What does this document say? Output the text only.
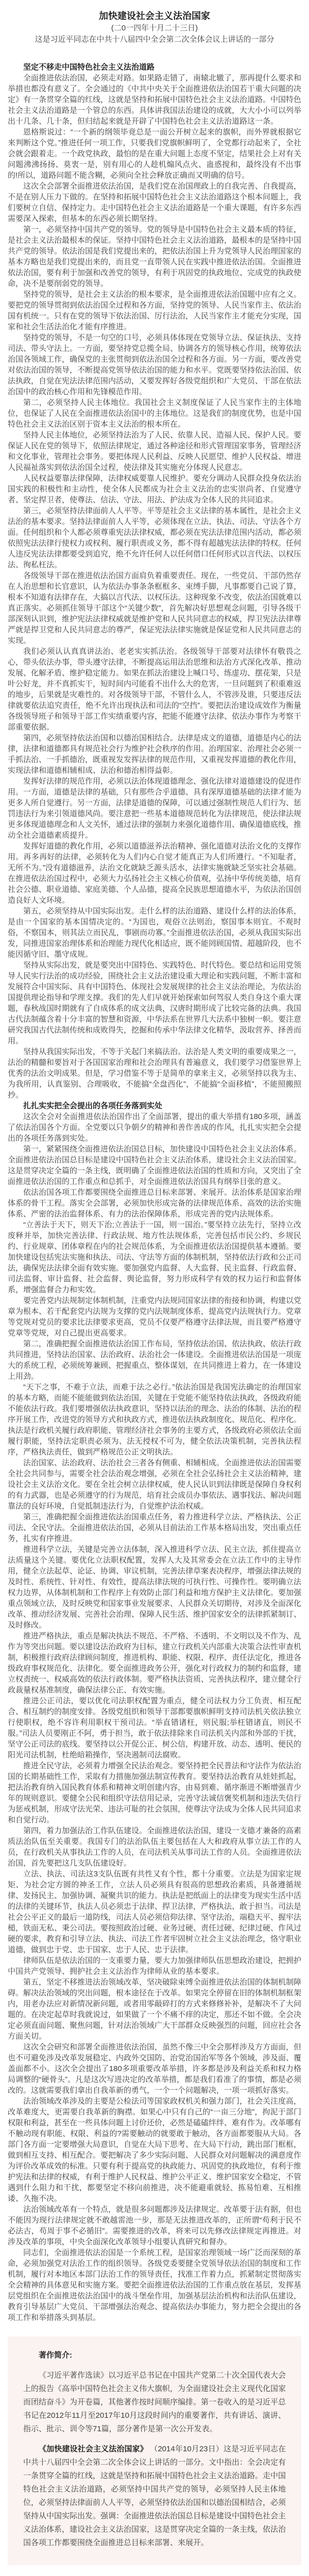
加快建设社会主义法治国家

(二0一四年十月二十三日)

这是习近平同志在中共十八届四中全会第二次全体会议上讲话的一部分

坚定不移走中国特色社会主义法治道路

全面推进依法治国，必须走对路。如果路走错了，南辕北辙了，那再提什么要求和举措也都没有意义了。全会通过的《中共中央关于全面推进依法治国若干重大问题的决定》有一条贯穿全篇的红线，这就是坚持和拓展中国特色社会主义法治道路。中国特色社会主义法治道路是一个管总的东西。具体讲我国法治建设的成就，大大小小可以列举出十几条、几十条，但归结起来就是开辟了中国特色社会主义法治道路这一条。

恩格斯说过：“一个新的纲领毕竟总是一面公开树立起来的旗帜，而外界就根据它来判断这个党。”推进任何一项工作，只要我们党旗帜鲜明了，全党都行动起来了，全社会就会跟着走。一个政党执政，最怕的是在重大问题上态度不坚定，结果社会上对有关问题沸沸扬扬、莫衷一是，别有用心的人趁机煽风点火、蛊惑搅和，最终没有不出事的!所以，道路问题不能含糊，必须向全社会释放正确而又明确的信号。

这次全会部署全面推进依法治国，是我们党在治国理政上的自我完善、自我提高，不是在别人压力下做的。在坚持和拓展中国特色社会主义法治道路这个根本问题上，我们要树立自信、保持定力。走中国特色社会主义法治道路是一个重大课题，有许多东西需要深入探索，但基本的东西必须长期坚持。

第一，必须坚持中国共产党的领导。党的领导是中国特色社会主义最本质的特征，是社会主义法治最根本的保证。坚持中国特色社会主义法治道路，最根本的是坚持中国共产党的领导。依法治国是我们党提出来的，把依法治国上升为党领导人民治理国家的基本方略也是我们党提出来的，而且党一直带领人民在实践中推进依法治国。全面推进依法治国，要有利于加强和改善党的领导，有利于巩固党的执政地位、完成党的执政使命，决不是要削弱党的领导。

坚持党的领导，是社会主义法治的根本要求，是全面推进依法治国题中应有之义。要把党的领导贯彻到依法治国全过程和各方面，坚持党的领导、人民当家作主、依法治国有机统一。只有在党的领导下依法治国、厉行法治，人民当家作主才能充分实现，国家和社会生活法治化才能有序推进。

坚持党的领导，不是一句空的口号，必须具体体现在党领导立法、保证执法、支持司法、带头守法上。一方面，要坚持党总揽全局、协调各方的领导核心作用，统筹依法治国各领域工作，确保党的主张贯彻到依法治国全过程和各方面。另一方面，要改善党对依法治国的领导，不断提高党领导依法治国的能力和水平。党既要坚持依法治国、依法执政，自觉在宪法法律范围内活动，又要发挥好各级党组织和广大党员、干部在依法治国中的政治核心作用和先锋模范作用。

第二，必须坚持人民主体地位。我国社会主义制度保证了人民当家作主的主体地位，也保证了人民在全面推进依法治国中的主体地位。这是我们的制度优势，也是中国特色社会主义法治区别于资本主义法治的根本所在。

坚持人民主体地位，必须坚持法治为了人民、依靠人民、造福人民、保护人民。要保证人民在党的领导下，依照法律规定，通过各种途径和形式管理国家事务，管理经济和文化事业，管理社会事务。要把体现人民利益、反映人民愿望、维护人民权益、增进人民福祉落实到依法治国全过程，使法律及其实施充分体现人民意志。

人民权益要靠法律保障，法律权威要靠人民维护。要充分调动人民群众投身依法治国实践的积极性和主动性，使全体人民都成为社会主义法治的忠实崇尚者、自觉遵守者、坚定捍卫者，使尊法、信法、守法、用法、护法成为全体人民的共同追求。

第三，必须坚持法律面前人人平等。平等是社会主义法律的基本属性，是社会主义法治的基本要求。坚持法律面前人人平等，必须体现在立法、执法、司法、守法各个方面。任何组织和个人都必须尊重宪法法律权威，都必须在宪法法律范围内活动，都必须依照宪法法律行使权力或权利、履行职责或义务，都不得有超越宪法法律的特权。任何人违反宪法法律都要受到追究，绝不允许任何人以任何借口任何形式以言代法、以权压法、徇私枉法。

各级领导干部在推进依法治国方面肩负着重要责任。现在，一些党员、干部仍然存在人治思想和长官意识，认为依法办事条条框框多、束缚手脚，凡事都要自己说了算，根本不知道有法律存在，大搞以言代法、以权压法。这种现象不改变，依法治国就难以真正落实。必须抓住领导干部这个“关键少数”，首先解决好思想观念问题，引导各级干部深刻认识到，维护宪法法律权威就是维护党和人民共同意志的权威，捍卫宪法法律尊严就是捍卫党和人民共同意志的尊严，保证宪法法律实施就是保证党和人民共同意志的实现。

我们必须认认真真讲法治、老老实实抓法治。各级领导干部要对法律怀有敬畏之心，带头依法办事，带头遵守法律，不断提高运用法治思维和法治方式深化改革、推动发展、化解矛盾、维护稳定能力。如果在抓法治建设上喊口号、练虚功、摆花架，只是叶公好龙，并不真抓实干，短时间内可能看不出什么大的危害，一旦问题到了积重难返的地步，后果就是灾难性的。对各级领导干部，不管什么人，不管涉及谁，只要违反法律就要依法追究责任，绝不允许出现执法和司法的“空挡”。要把法治建设成效作为衡量各级领导班子和领导干部工作实绩重要内容，把能不能遵守法律、依法办事作为考察干部重要依据。

第四，必须坚持依法治国和以德治国相结合。法律是成文的道德，道德是内心的法律，法律和道德都具有规范社会行为维护社会秩序的作用。治理国家、治理社会必须一手抓法治、一手抓德治，既重视发发挥法律的规范作用，又重视发挥道德的教化作用，实现法律和道德相辅相成、法治和德治相得益彰。

发挥好法律的规范作用，必须以法治体现道德理念、强化法律对道德建设的促进作用。一方面，道德是法律的基础，只有那些合乎道德、具有深厚道德基础的法律才能为更多人所自觉遵行。另一方面，法律是道德的保障，可以通过强制性规范人们行为、惩罚违法行为来引领道德风尚。要注意把一些基本道德规范转化为法律规范，使法律法规更多体现道德理念和人文关怀，通过法律的强制力来强化道德作用、确保道德底线，推动全社会道德素质提升。

发挥好道德的教化作用，必须以道德滋养法治精神、强化道德对法治文化的支撑作用。再多再好的法律，必须转化为人们内心自觉才能真正为人们所遵行。“不知耻者，无所不为。”没有道德滋养，法治文化就缺乏源头活水，法律实施就缺乏坚实社会基础。在推进依法治国过程中，必须大力弘扬社会主义核心价值观，弘扬中华传统美德，培育社会公德、职业道德、家庭美德、个人品德，提高全民族思想道德水平，为依法治国创造良好人文环境。

第五，必须坚持从中国实际出发。走什么样的法治道路、建设什么样的法治体系，是由一个国家的基本国情决定的。“为国也，观俗立法则治，察国事本则宜。不观时俗，不察国本，则其法立而民乱，事剧而功寡。”全面推进依法治国，必须从我国实际出发，同推进国家治理体系和治理能力现代化相适应，既不能罔顾国情、超越阶段，也不能因循守旧、墨守成规。

坚持从实际出发，就是要突出中国特色、实践特色、时代特色。要总结和运用党领导人民实行法治的成功经验，围绕社会主义法治建设重大理论和实践问题，不断丰富和发展符合中国实际、具有中国特色、体现社会发展规律的社会主义法治理论，为依法治国提供理论指导和学理支撑。我们的先人们早就开始探索如何驾驭人类自身这个重大课题，春秋战国时期就有了自成体系的成文法典，汉唐时期形成了比较完备的法典。我国古代法制蕴含着十分丰富的智慧和资源，中华法系在世界几大法系中独树一帜。要注意研究我国古代法制传统和成败得失，挖掘和传承中华法律文化精华，汲取营养、择善而用。

坚持从我国实际出发，不等于关起门来搞法治。法治是人类文明的重要成果之一，法治的精髓和要旨对于各国国家治理和社会治理具有普遍意义，我们要学习借鉴世界上优秀的法治文明成果。但是，学习借鉴不等于是简单的拿来主义，必须坚持以我为主、为我所用，认真鉴别、合理吸收，不能搞“全盘西化”，不能搞“全面移植”，不能照搬照抄。

扎扎实实把全会提出的各项任务落到实处

这次全会对全面推进依法治国作出了全面部署，提出的重大举措有180多项，涵盖了依法治国各个方面。全党要以只争朝夕的精神和善作善成的作风，扎扎实实把全会提出的各项任务落到实处。

第一，紧紧围绕全面推进依法治国总目标，加快建设中国特色社会主义法治体系。全面推进依法治国总目标是建设中国特色社会主义法治体系，建设社会主义法治国家。这是贯穿决定全篇的一条主线，既明确了全面推进依法治国的性质和方向，又突出了全面推进依法治国的工作重点和总抓手，对全面推进依法治国具有纲举目张的意义。

依法治国各项工作都要围绕全面推进总目标来部署、来展开。法治体系是国家治理体系的骨干工程。落实全会部署，必须加快形成完备的法律规范体系、高效的法治实施体系、严密的法治监督体系、有力的法治保障体系，形成完善的党内法规体系。

“立善法于天下，则天下治;立善法于一国，则一国治。”要坚持立法先行，坚持立改废释并举，加快完善法律、行政法规、地方性法规体系，完善包括市民公约、乡规民约、行业规章、团体章程在内的社会规范体系，为全面推进依法治国提供基本遵循。要加快建设包括宪法实施和执法、司法、守法等方面的体制机制，坚持依法行政和公正司法，确保宪法法律全面有效实施。要加强党内监督、人大监督、民主监督、行政监督、司法监督、审计监督、社会监督、舆论监督，努力形成科学有效的权力运行和监督体系，增强监督合力和实效。

要完善党内法规制定体制机制，注重党内法规同国家法律的衔接和协调，构建以党章为根本、若干配套党内法规为支撑的党内法规制度体系，提高党内法规执行力。党章等党规对党员的要求比法律要求更高，党员不仅要严格遵守法律法规，而且要严格遵守党章等党规，对自己提出更高要求。

第二，准确把握全面推进依法治国工作布局，坚持依法治国、依法执政、依法行政共同推进，坚持法治国家、法治政府、法治社会一体建设。全面推进依法治国是一项庞大的系统工程，必须统筹兼顾、把握重点、整体谋划，在共同推进上着力，在一体建设上用劲。

“天下之事，不难于立法，而难于法之必行。”依法治国是我国宪法确定的治理国家的基本方略，而能不能能做到依法治国，关键在于党能不能坚持依法执政，各级政府能不能依法行政。我们要增强依法执政意识，坚持以法治的理念、法治的体制、法治的程序开展工作，改进党的领导方式和执政方式，推进依法执政制度化、规范化、程序化。执法是行政机关履行政府职能、管理经济社会事务的主要方式，各级政府必须依法全面履行职能，坚持法定职责必须为、法无授权不可为，健全依法决策机制，完善执法程序，严格执法责任，做到严格规范公正文明执法。

法治国家、法治政府、法治社会三者各有侧重、相辅相成。全面推进依法治国需要全社会共同参与，需要全社会法治观念增强，必须在全社会弘扬社会主义法治精神，建设社会主义法治文化。要在全社会树立法律权威，使人民认识到法律既是保障自身权利的有力武器，也是必须遵守的行为规范，培育社会成员办事依法、遇事找法、解决问题靠法的良好环境，自觉抵制违法行为，自觉维护法治权威。

第三，准确把握全面推进依法治国重点任务，着力推进科学立法、严格执法、公正司法、全民守法。全面推进依法治国，必须从目前法治工作基本格局出发，突出重点任务，扎实有序推进。

推进科学立法，关键是完善立法体制，深入推进科学立法、民主立法，抓住提高立法质量这个关键。要优化立法职权配置，发挥人大及其常委会在立法工作中的主导作用，健全立法起草、论证、协调、审议机制，完善法律草案表决程序，增强法律法规的及时性、系统性、针对性、有效性，提高法律法规的可执行性、可操作性。要明确立法权力边界，从体制机制和工作程序上有效防止部门利益和地方保护主义法律化。要加强重点领域立法，及时反映党和国家事业发展要求、人民群众关切期待，对涉及全面深化改革、推动经济发展、完善社会治理、保障人民生活、维护国家安全的法律抓紧制订、及时修改。

推进严格执法，重点是解决执法不规范、不严格、不透明、不文明以及不作为、乱作为等突出问题。要以建设法治政府为目标，建立行政机关内部重大决策合法性审查机制，积极推行政府法律顾问制度，推进机构、职能、权限、程序、责任法定化，推进各级政府事权规范化、法律化。要全面推进政务公开，强化对行政权力的制约和监督，建立权责统一、权威高效的依法行政体制。要严格执法资质、完善执法程序，建立健全行政裁量权基准制度，确保法律公正、有效实施。

推进公正司法，要以优化司法职权配置为重点，健全司法权力分工负责、相互配合、相互制约的制度安排。各级党组织和领导干部都要旗帜鲜明支持司法机关依法独立行使职权，绝不容许利用职权干预司法。“举直错诸枉，则民服;举枉错诸直，则民不服。”司法人员要刚正不阿，勇于担当，敢于依法排除来自司法机关内部和外部的干扰，坚守公正司法的底线。要坚持以公开促公正、树公信，构建开放、动态、透明、便民的阳光司法机制，杜绝暗箱操作，坚决遏制司法腐败。

推进全民守法，必须着力增强全民法治观念。要坚持把全民普法和守法作为依法治国的长期基础性工作，采取有力措施加强法制宣传教育。要坚持法治教育从娃娃抓起，把法治教育纳入国民教育体系和精神文明创建内容，由易到难、循序渐进不断增强青少年的规则意识。要健全公民和组织守法信用记录，完善守法诚信褒奖机制和违法失信行为惩戒机制，形成守法光荣、违法可耻的社会氛围，使尊法守法成为全体人民共同追求和自觉行动。

第四，着力加强法治工作队伍建设。全面推进依法治国，建设一支德才兼备的高素质法治队伍至关重要。我国专门的法治队伍主要包括在人大和政府从事立法工作的人员，在行政机关从事执法工作的人员，在司法机关从事司法工作的人员。全面推进依法治国，首先要把这几支队伍建设好。

立法、执法、司法这3支队伍既有共性又有个性，都十分重要。立法是为国家定规矩、为社会定方圆的神圣工作，立法人员必须具有很高的思想政治素质，具备遵循规律、发扬民主、加强协调、凝聚共识的能力。执法是把纸面上的法律变为现实生活中活的法律的关键环节，执法人员必须忠于法律、捍卫法律，严格执法、敢于担当。司法是社会公平正义的最后一道防线，司法人员必须信仰法律、坚守法治，端稳天平、握牢法槌，铁面无私、秉公司法。要按照政治过硬、业务过硬、责任过硬、纪律过硬、作风过硬的要求，教育和引导立法、执法、司法工作者牢固树立社会主义法治理念，恪守职业道德，做到忠于党、忠于国家、忠于人民、忠于法律。

律师队伍是依法治国的一支重要力量，要大力加强律师队伍思想政治建设，把拥护中国共产党领导、拥护社会主义法治作为律师从业的基本要求。

第五，坚定不移推进法治领域改革，坚决破除束缚全面推进依法治国的体制机制障碍。解决法治领域的突出问题，根本途径在于改革。如果完全停留在旧的体制机制框架内，用老办法应对新情况新问题，或者用零敲碎打的方式来修修补补，是解决不了大问题的。在决定起草时我就说过，如果做了一个不痛不痒的决定，那还不如不做。全会决定必须直面问题、聚焦问题，针对法治领域广大干部群众反映强烈的问题，回应社会各方面关切。

这次全会研究和部署全面推进依法治国，虽然不像三中全会那样涉及方方面面，但也不可避免涉及改革发展稳定、内政外交国防、治党治国治军等各个领域，涉及面、覆盖面都不小。这次全会提出了180多项重要改革举措，许多都是涉及利益关系和权力格局调整的“硬骨头”。凡是这次写进决定的改革举措，都是我们看准了的事情，都是必须改的。这就需要我们拿出自我革新的勇气，一个一个问题解决，一项一项抓好落实。

法治领域改革涉及的主要是公检法司等国家政权机关和强力部门，社会关注度高，改革难度大，更需要自我革新的胸襟。如果心中只有自己的“一亩三分地”，拘泥于部门权限和利益，甚至在一些具体问题上讨价还价，必然是磕磕绊绊、难有作为。改革哪有不触动现有职能、权限、利益的?需要触动的就要敢于触动，各方面都要服从大局。各部门各方面一定要增强大局意识，自觉在大局下思考、在大局下行动，跳出部门框框，做到相互支持、相互配合。要把解决了多少实际问题、人民群众对问题解决的满意度作为评价改革成效的标准。只要有利于提高党的执政能力、巩固党的执政地位，有利于维护宪法和法律的权威，有利于维护人民权益、维护公平正义、维护国家安全稳定，不管遇到什么阻力和干扰，都要坚定不移向前推进，决不能避重就轻、拣易怕难、互相推诿、久拖不决。

法治领域改革有一个特点，就是很多问题都涉及法律规定。改革要于法有据，但也不能因为现行法律规定就不敢越雷池一步，那是无法推进改革的，正所谓“苟利于民不必法古，苟周于事不必循旧”。需要推进的改革，将来可以先修改法律规定再推进。对涉及改革的事项，中央全面深化改革领导小组要认真研究和督办。

同志们，全面推进依法治国是一个系统工程，是国家治理领域一场广泛而深刻的革命，必须加强党对法治工作的组织领导。各级党委要健全党领导依法治国的制度和工作机制，履行对本地区本部门法治工作的领导责任，找准工作着力点，抓紧制定贯彻落实全会精神的具体意见和实施方案。要把全面推进依法治国的工作重点放在基层，发挥基层党组织在全面推进依法治国中的战斗堡垒作用，加强基层法治机构和法治队伍建设，教育引导基层广大党员、干部增强法治观念、提高依法办事能力，努力把全会提出的各项工作和举措落头到基层。

著作简介:

《习近平著作选读》以习近平总书记在中国共产党第二十次全国代表大会上的报告《高举中国特色社会主义伟大旗帜，为全面建设社会主义现代化国家而团结奋斗》为开卷篇，其他著作按时间顺序编排。第一卷收入的是习近平总书记在2012年11月至2017年10月这段时间内的重要著作，共有讲话、演讲、指示、批示、训令等71篇，部分著作是第一次公开发表。

《加快建设社会主义法治国家》 （2014年10月23日）这是习近平同志在中共十八届四中全会第二次全体会议上讲话的一部分。文中指出：全会决定有一条贯穿全篇的红线，这就是坚持和拓展中国特色社会主义法治道路。走中国特色社会主义法治道路，必须坚持中国共产党的领导，必须坚持人民主体地位，必须坚持法律面前人人平等，必须坚持依法治国和以德治国相结合，必须坚持从中国实际出发。强调：全面推进依法治国总目标是建设中国特色社会主义法治体系，建设社会主义法治国家，这是贯穿决定全篇的一条主线，依法治国各项工作都要围绕全面推进总目标来部署、来展开。
